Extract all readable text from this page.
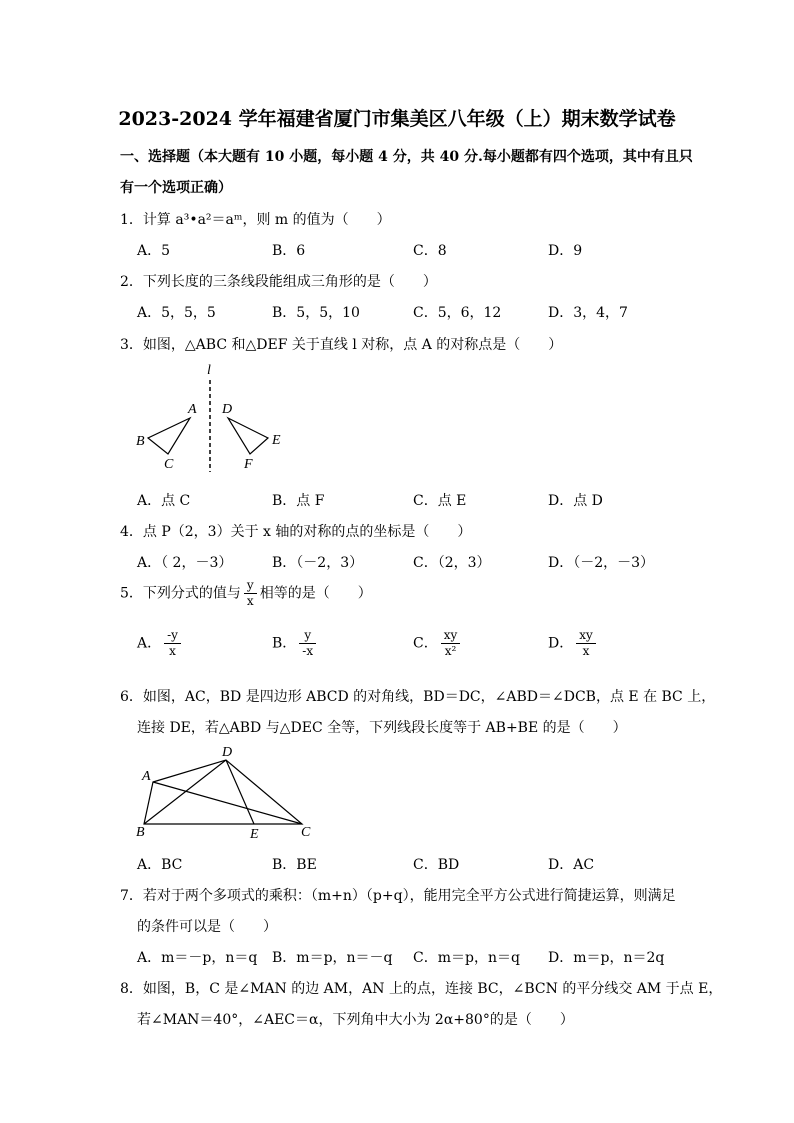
2023-2024 学年福建省厦门市集美区八年级（上）期末数学试卷
一、选择题（本大题有 10 小题，每小题 4 分，共 40 分.每小题都有四个选项，其中有且只
有一个选项正确）
1．计算 a³•a²＝aᵐ，则 m 的值为（　　）
A．5	B．6	C．8	D．9
2．下列长度的三条线段能组成三角形的是（　　）
A．5，5，5	B．5，5，10	C．5，6，12	D．3，4，7
3．如图，△ABC 和△DEF 关于直线 l 对称，点 A 的对称点是（　　）
l
A
B
C
D
E
F
A．点 C	B．点 F	C．点 E	D．点 D
4．点 P（2，3）关于 x 轴的对称的点的坐标是（　　）
A．（ 2，－3）	B．（－2，3）	C．（2，3）	D．（－2，－3）
5．下列分式的值与 $\frac{y}{x}$ 相等的是（　　）
A． $\frac{-y}{x}$	B． $\frac{y}{-x}$	C． $\frac{xy}{\text{x²}}$	D． $\frac{xy}{x}$
6．如图，AC，BD 是四边形 ABCD 的对角线，BD＝DC，∠ABD＝∠DCB，点 E 在 BC 上，
连接 DE，若△ABD 与△DEC 全等，下列线段长度等于 AB+BE 的是（　　）
D
A
B	E	C
A．BC	B．BE	C．BD	D．AC
7．若对于两个多项式的乘积：（m+n）（p+q），能用完全平方公式进行简捷运算，则满足
的条件可以是（　　）
A．m＝－p，n＝q B．m＝p，n＝－q C．m＝p，n＝q D．m＝p，n＝2q
8．如图，B，C 是∠MAN 的边 AM，AN 上的点，连接 BC，∠BCN 的平分线交 AM 于点 E，
若∠MAN＝40°，∠AEC＝α，下列角中大小为 2α+80°的是（　　）
